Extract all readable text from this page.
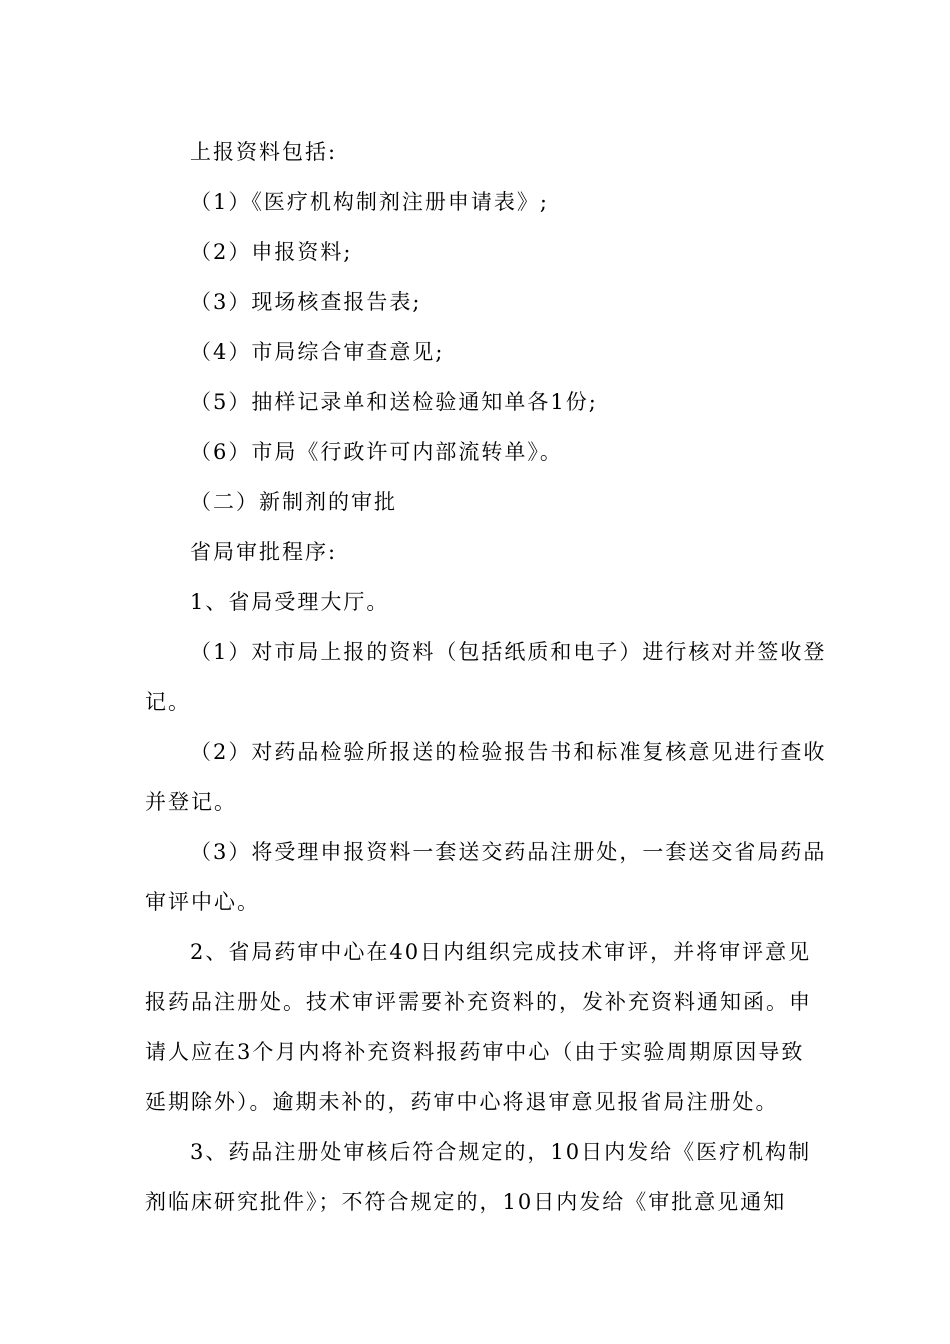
上报资料包括:
（1）《医疗机构制剂注册申请表》;
（2）申报资料;
（3）现场核查报告表;
（4）市局综合审查意见;
（5）抽样记录单和送检验通知单各1份;
（6）市局《行政许可内部流转单》。
（二）新制剂的审批
省局审批程序:
1、省局受理大厅。
（1）对市局上报的资料（包括纸质和电子）进行核对并签收登
记。
（2）对药品检验所报送的检验报告书和标准复核意见进行查收
并登记。
（3）将受理申报资料一套送交药品注册处，一套送交省局药品
审评中心。
2、省局药审中心在40日内组织完成技术审评，并将审评意见
报药品注册处。技术审评需要补充资料的，发补充资料通知函。申
请人应在3个月内将补充资料报药审中心（由于实验周期原因导致
延期除外）。逾期未补的，药审中心将退审意见报省局注册处。
3、药品注册处审核后符合规定的，10日内发给《医疗机构制
剂临床研究批件》；不符合规定的，10日内发给《审批意见通知
